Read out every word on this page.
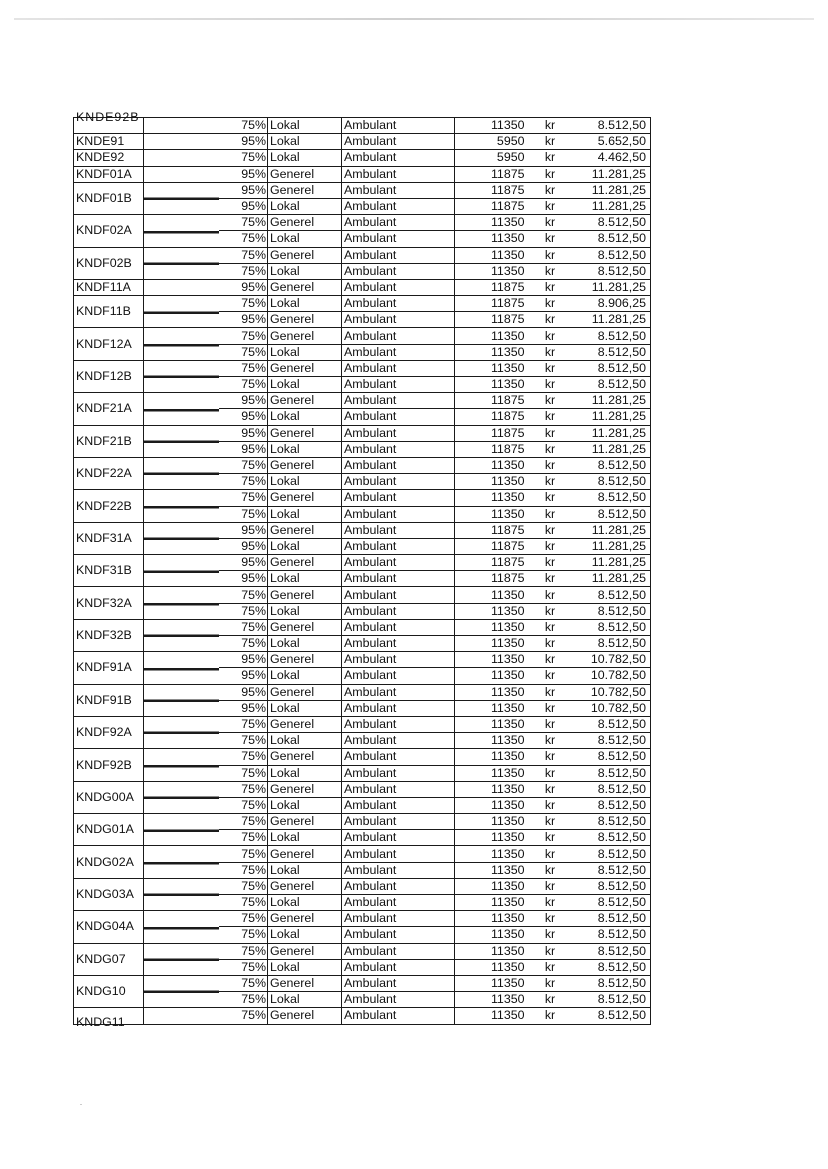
KNDE92B		75%	Lokal	Ambulant	11350	kr	8.512,50
KNDE91		95%	Lokal	Ambulant	5950	kr	5.652,50
KNDE92		75%	Lokal	Ambulant	5950	kr	4.462,50
KNDF01A		95%	Generel	Ambulant	11875	kr	11.281,25
KNDF01B		95%	Generel	Ambulant	11875	kr	11.281,25
		95%	Lokal	Ambulant	11875	kr	11.281,25
KNDF02A		75%	Generel	Ambulant	11350	kr	8.512,50
		75%	Lokal	Ambulant	11350	kr	8.512,50
KNDF02B		75%	Generel	Ambulant	11350	kr	8.512,50
		75%	Lokal	Ambulant	11350	kr	8.512,50
KNDF11A		95%	Generel	Ambulant	11875	kr	11.281,25
KNDF11B		75%	Lokal	Ambulant	11875	kr	8.906,25
		95%	Generel	Ambulant	11875	kr	11.281,25
KNDF12A		75%	Generel	Ambulant	11350	kr	8.512,50
		75%	Lokal	Ambulant	11350	kr	8.512,50
KNDF12B		75%	Generel	Ambulant	11350	kr	8.512,50
		75%	Lokal	Ambulant	11350	kr	8.512,50
KNDF21A		95%	Generel	Ambulant	11875	kr	11.281,25
		95%	Lokal	Ambulant	11875	kr	11.281,25
KNDF21B		95%	Generel	Ambulant	11875	kr	11.281,25
		95%	Lokal	Ambulant	11875	kr	11.281,25
KNDF22A		75%	Generel	Ambulant	11350	kr	8.512,50
		75%	Lokal	Ambulant	11350	kr	8.512,50
KNDF22B		75%	Generel	Ambulant	11350	kr	8.512,50
		75%	Lokal	Ambulant	11350	kr	8.512,50
KNDF31A		95%	Generel	Ambulant	11875	kr	11.281,25
		95%	Lokal	Ambulant	11875	kr	11.281,25
KNDF31B		95%	Generel	Ambulant	11875	kr	11.281,25
		95%	Lokal	Ambulant	11875	kr	11.281,25
KNDF32A		75%	Generel	Ambulant	11350	kr	8.512,50
		75%	Lokal	Ambulant	11350	kr	8.512,50
KNDF32B		75%	Generel	Ambulant	11350	kr	8.512,50
		75%	Lokal	Ambulant	11350	kr	8.512,50
KNDF91A		95%	Generel	Ambulant	11350	kr	10.782,50
		95%	Lokal	Ambulant	11350	kr	10.782,50
KNDF91B		95%	Generel	Ambulant	11350	kr	10.782,50
		95%	Lokal	Ambulant	11350	kr	10.782,50
KNDF92A		75%	Generel	Ambulant	11350	kr	8.512,50
		75%	Lokal	Ambulant	11350	kr	8.512,50
KNDF92B		75%	Generel	Ambulant	11350	kr	8.512,50
		75%	Lokal	Ambulant	11350	kr	8.512,50
KNDG00A		75%	Generel	Ambulant	11350	kr	8.512,50
		75%	Lokal	Ambulant	11350	kr	8.512,50
KNDG01A		75%	Generel	Ambulant	11350	kr	8.512,50
		75%	Lokal	Ambulant	11350	kr	8.512,50
KNDG02A		75%	Generel	Ambulant	11350	kr	8.512,50
		75%	Lokal	Ambulant	11350	kr	8.512,50
KNDG03A		75%	Generel	Ambulant	11350	kr	8.512,50
		75%	Lokal	Ambulant	11350	kr	8.512,50
KNDG04A		75%	Generel	Ambulant	11350	kr	8.512,50
		75%	Lokal	Ambulant	11350	kr	8.512,50
KNDG07		75%	Generel	Ambulant	11350	kr	8.512,50
		75%	Lokal	Ambulant	11350	kr	8.512,50
KNDG10		75%	Generel	Ambulant	11350	kr	8.512,50
		75%	Lokal	Ambulant	11350	kr	8.512,50
KNDG11		75%	Generel	Ambulant	11350	kr	8.512,50
